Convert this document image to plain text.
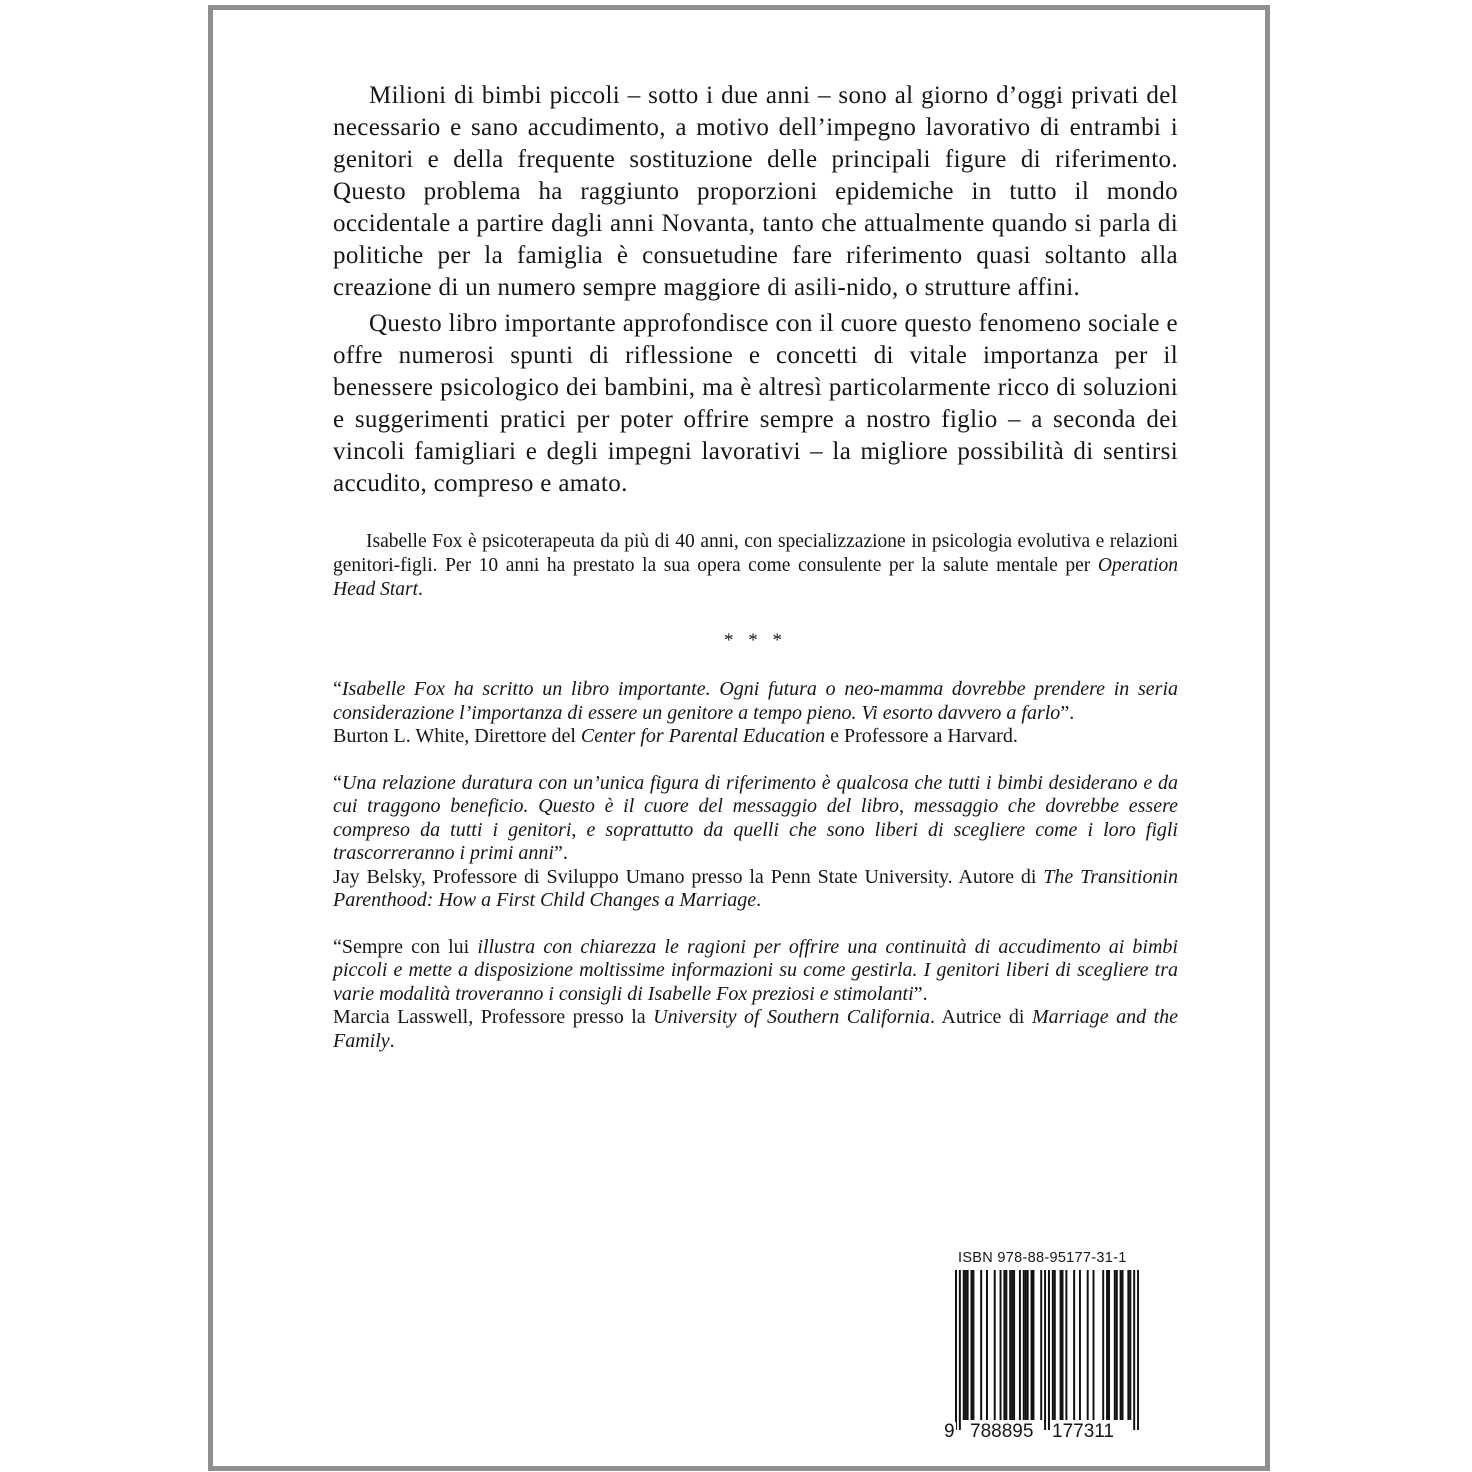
Milioni di bimbi piccoli – sotto i due anni – sono al giorno d’oggi privati del necessario e sano accudimento, a motivo dell’impegno lavorativo di entrambi i genitori e della frequente sostituzione delle principali figure di riferimento. Questo problema ha raggiunto proporzioni epidemiche in tutto il mondo occidentale a partire dagli anni Novanta, tanto che attualmente quando si parla di politiche per la famiglia è consuetudine fare riferimento quasi soltanto alla creazione di un numero sempre maggiore di asili-nido, o strutture affini.

Questo libro importante approfondisce con il cuore questo fenomeno sociale e offre numerosi spunti di riflessione e concetti di vitale importanza per il benessere psicologico dei bambini, ma è altresì particolarmente ricco di soluzioni e suggerimenti pratici per poter offrire sempre a nostro figlio – a seconda dei vincoli famigliari e degli impegni lavorativi – la migliore possibilità di sentirsi accudito, compreso e amato.

Isabelle Fox è psicoterapeuta da più di 40 anni, con specializzazione in psicologia evolutiva e relazioni genitori-figli. Per 10 anni ha prestato la sua opera come consulente per la salute mentale per Operation Head Start.
* * *
“Isabelle Fox ha scritto un libro importante. Ogni futura o neo-mamma dovrebbe prendere in seria considerazione l’importanza di essere un genitore a tempo pieno. Vi esorto davvero a farlo”.
Burton L. White, Direttore del Center for Parental Education e Professore a Harvard.
“Una relazione duratura con un’unica figura di riferimento è qualcosa che tutti i bimbi desiderano e da cui traggono beneficio. Questo è il cuore del messaggio del libro, messaggio che dovrebbe essere compreso da tutti i genitori, e soprattutto da quelli che sono liberi di scegliere come i loro figli trascorreranno i primi anni”.
Jay Belsky, Professore di Sviluppo Umano presso la Penn State University. Autore di The Transitionin Parenthood: How a First Child Changes a Marriage.
“Sempre con lui illustra con chiarezza le ragioni per offrire una continuità di accudimento ai bimbi piccoli e mette a disposizione moltissime informazioni su come gestirla. I genitori liberi di scegliere tra varie modalità troveranno i consigli di Isabelle Fox preziosi e stimolanti”.
Marcia Lasswell, Professore presso la University of Southern California. Autrice di Marriage and the Family.
ISBN 978-88-95177-31-1
9 788895 177311
